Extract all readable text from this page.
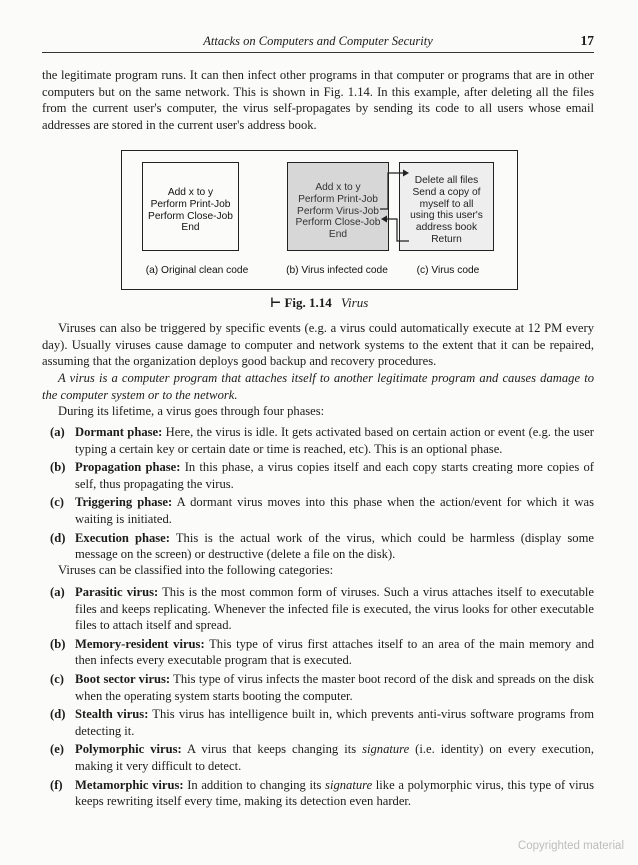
Attacks on Computers and Computer Security	17

the legitimate program runs. It can then infect other programs in that computer or programs that are in other computers but on the same network. This is shown in Fig. 1.14. In this example, after deleting all the files from the current user's computer, the virus self-propagates by sending its code to all users whose email addresses are stored in the current user's address book.

Add x to y
Perform Print-Job
Perform Close-Job
End
Add x to y
Perform Print-Job
Perform Virus-Job
Perform Close-Job
End
Delete all files
Send a copy of
myself to all
using this user's
address book
Return
(a) Original clean code	(b) Virus infected code	(c) Virus code
⊢ Fig. 1.14 Virus

Viruses can also be triggered by specific events (e.g. a virus could automatically execute at 12 PM every day). Usually viruses cause damage to computer and network systems to the extent that it can be repaired, assuming that the organization deploys good backup and recovery procedures.

A virus is a computer program that attaches itself to another legitimate program and causes damage to the computer system or to the network.

During its lifetime, a virus goes through four phases:

(a) Dormant phase: Here, the virus is idle. It gets activated based on certain action or event (e.g. the user typing a certain key or certain date or time is reached, etc). This is an optional phase.
(b) Propagation phase: In this phase, a virus copies itself and each copy starts creating more copies of self, thus propagating the virus.
(c) Triggering phase: A dormant virus moves into this phase when the action/event for which it was waiting is initiated.
(d) Execution phase: This is the actual work of the virus, which could be harmless (display some message on the screen) or destructive (delete a file on the disk).

Viruses can be classified into the following categories:

(a) Parasitic virus: This is the most common form of viruses. Such a virus attaches itself to executable files and keeps replicating. Whenever the infected file is executed, the virus looks for other executable files to attach itself and spread.
(b) Memory-resident virus: This type of virus first attaches itself to an area of the main memory and then infects every executable program that is executed.
(c) Boot sector virus: This type of virus infects the master boot record of the disk and spreads on the disk when the operating system starts booting the computer.
(d) Stealth virus: This virus has intelligence built in, which prevents anti-virus software programs from detecting it.
(e) Polymorphic virus: A virus that keeps changing its signature (i.e. identity) on every execution, making it very difficult to detect.
(f) Metamorphic virus: In addition to changing its signature like a polymorphic virus, this type of virus keeps rewriting itself every time, making its detection even harder.
Copyrighted material
